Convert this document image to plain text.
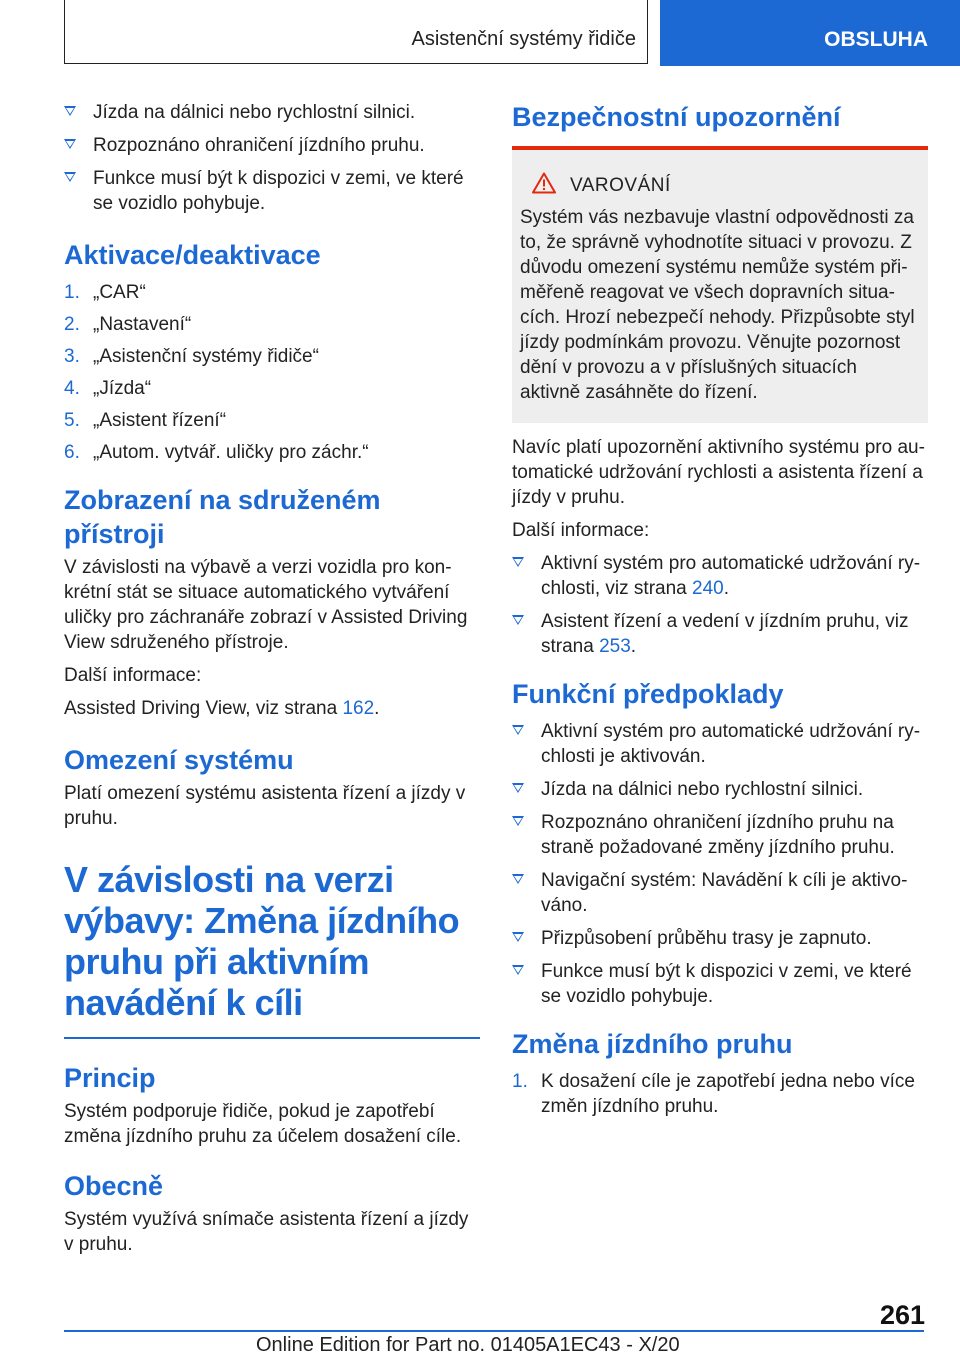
Asistenční systémy řidiče	OBSLUHA
Jízda na dálnici nebo rychlostní silnici.
Rozpoznáno ohraničení jízdního pruhu.
Funkce musí být k dispozici v zemi, ve které se vozidlo pohybuje.
Aktivace/deaktivace
1. „CAR“
2. „Nastavení“
3. „Asistenční systémy řidiče“
4. „Jízda“
5. „Asistent řízení“
6. „Autom. vytvář. uličky pro záchr.“
Zobrazení na sdruženém přístroji

V závislosti na výbavě a verzi vozidla pro konkrétní stát se situace automatického vytváření uličky pro záchranáře zobrazí v Assisted Driving View sdruženého přístroje.

Další informace:

Assisted Driving View, viz strana 162.

Omezení systému

Platí omezení systému asistenta řízení a jízdy v pruhu.

V závislosti na verzi výbavy: Změna jízdního pruhu při aktivním navádění k cíli
Princip

Systém podporuje řidiče, pokud je zapotřebí změna jízdního pruhu za účelem dosažení cíle.

Obecně

Systém využívá snímače asistenta řízení a jízdy v pruhu.

Bezpečnostní upozornění
VAROVÁNÍ

Systém vás nezbavuje vlastní odpovědnosti za to, že správně vyhodnotíte situaci v provozu. Z důvodu omezení systému nemůže systém přiměřeně reagovat ve všech dopravních situacích. Hrozí nebezpečí nehody. Přizpůsobte styl jízdy podmínkám provozu. Věnujte pozornost dění v provozu a v příslušných situacích aktivně zasáhněte do řízení.

Navíc platí upozornění aktivního systému pro automatické udržování rychlosti a asistenta řízení a jízdy v pruhu.

Další informace:

Aktivní systém pro automatické udržování rychlosti, viz strana 240.
Asistent řízení a vedení v jízdním pruhu, viz strana 253.
Funkční předpoklady
Aktivní systém pro automatické udržování rychlosti je aktivován.
Jízda na dálnici nebo rychlostní silnici.
Rozpoznáno ohraničení jízdního pruhu na straně požadované změny jízdního pruhu.
Navigační systém: Navádění k cíli je aktivováno.
Přizpůsobení průběhu trasy je zapnuto.
Funkce musí být k dispozici v zemi, ve které se vozidlo pohybuje.
Změna jízdního pruhu
1. K dosažení cíle je zapotřebí jedna nebo více změn jízdního pruhu.
261
Online Edition for Part no. 01405A1EC43 - X/20
